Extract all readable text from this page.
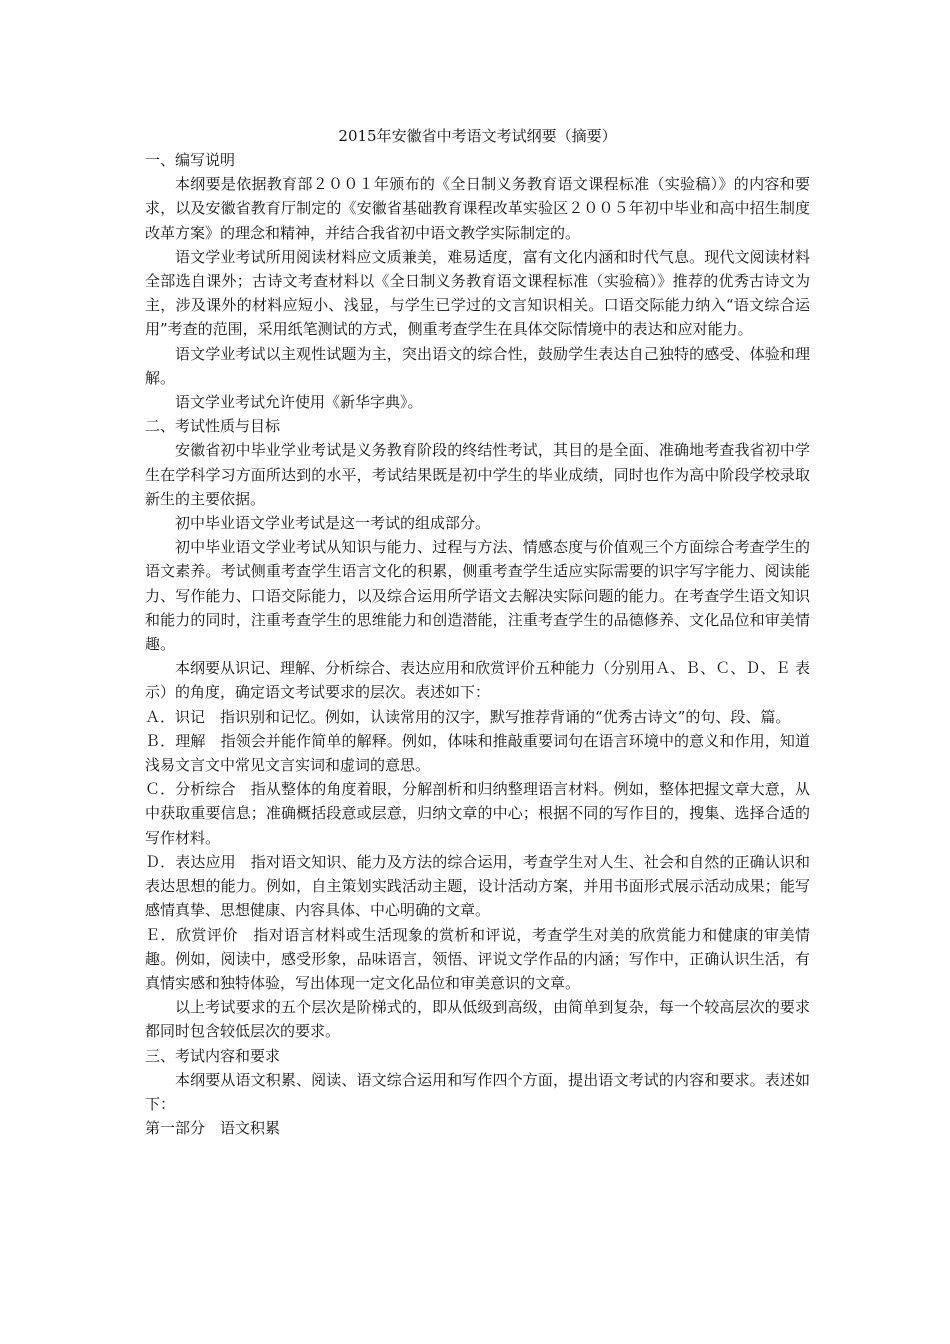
2015年安徽省中考语文考试纲要（摘要）

一、编写说明

本纲要是依据教育部２００１年颁布的《全日制义务教育语文课程标准（实验稿）》的内容和要求，以及安徽省教育厅制定的《安徽省基础教育课程改革实验区２００５年初中毕业和高中招生制度改革方案》的理念和精神，并结合我省初中语文教学实际制定的。

语文学业考试所用阅读材料应文质兼美，难易适度，富有文化内涵和时代气息。现代文阅读材料全部选自课外；古诗文考查材料以《全日制义务教育语文课程标准（实验稿）》推荐的优秀古诗文为主，涉及课外的材料应短小、浅显，与学生已学过的文言知识相关。口语交际能力纳入“语文综合运用”考查的范围，采用纸笔测试的方式，侧重考查学生在具体交际情境中的表达和应对能力。

语文学业考试以主观性试题为主，突出语文的综合性，鼓励学生表达自己独特的感受、体验和理解。

语文学业考试允许使用《新华字典》。

二、考试性质与目标

安徽省初中毕业学业考试是义务教育阶段的终结性考试，其目的是全面、准确地考查我省初中学生在学科学习方面所达到的水平，考试结果既是初中学生的毕业成绩，同时也作为高中阶段学校录取新生的主要依据。

初中毕业语文学业考试是这一考试的组成部分。

初中毕业语文学业考试从知识与能力、过程与方法、情感态度与价值观三个方面综合考查学生的语文素养。考试侧重考查学生语言文化的积累，侧重考查学生适应实际需要的识字写字能力、阅读能力、写作能力、口语交际能力，以及综合运用所学语文去解决实际问题的能力。在考查学生语文知识和能力的同时，注重考查学生的思维能力和创造潜能，注重考查学生的品德修养、文化品位和审美情趣。

本纲要从识记、理解、分析综合、表达应用和欣赏评价五种能力（分别用Ａ、Ｂ、Ｃ、Ｄ、Ｅ 表示）的角度，确定语文考试要求的层次。表述如下：

Ａ．识记　指识别和记忆。例如，认读常用的汉字，默写推荐背诵的“优秀古诗文”的句、段、篇。

Ｂ．理解　指领会并能作简单的解释。例如，体味和推敲重要词句在语言环境中的意义和作用，知道浅易文言文中常见文言实词和虚词的意思。

Ｃ．分析综合　指从整体的角度着眼，分解剖析和归纳整理语言材料。例如，整体把握文章大意，从中获取重要信息；准确概括段意或层意，归纳文章的中心；根据不同的写作目的，搜集、选择合适的写作材料。

Ｄ．表达应用　指对语文知识、能力及方法的综合运用，考查学生对人生、社会和自然的正确认识和表达思想的能力。例如，自主策划实践活动主题，设计活动方案，并用书面形式展示活动成果；能写感情真挚、思想健康、内容具体、中心明确的文章。

Ｅ．欣赏评价　指对语言材料或生活现象的赏析和评说，考查学生对美的欣赏能力和健康的审美情趣。例如，阅读中，感受形象，品味语言，领悟、评说文学作品的内涵；写作中，正确认识生活，有真情实感和独特体验，写出体现一定文化品位和审美意识的文章。

以上考试要求的五个层次是阶梯式的，即从低级到高级，由简单到复杂，每一个较高层次的要求都同时包含较低层次的要求。

三、考试内容和要求

本纲要从语文积累、阅读、语文综合运用和写作四个方面，提出语文考试的内容和要求。表述如下：

第一部分　语文积累
